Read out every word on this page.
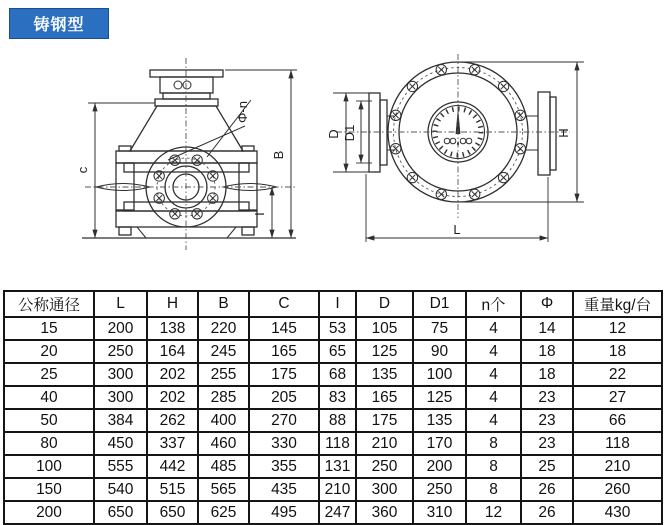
铸钢型
c
B
I
Φ-n
D D1	H
L
公称通径	L	H	B	C	I	D	D1	n个	Φ	重量kg/台
15	200	138	220	145	53	105	75	4	14	12
20	250	164	245	165	65	125	90	4	18	18
25	300	202	255	175	68	135	100	4	18	22
40	300	202	285	205	83	165	125	4	23	27
50	384	262	400	270	88	175	135	4	23	66
80	450	337	460	330	118	210	170	8	23	118
100	555	442	485	355	131	250	200	8	25	210
150	540	515	565	435	210	300	250	8	26	260
200	650	650	625	495	247	360	310	12	26	430
